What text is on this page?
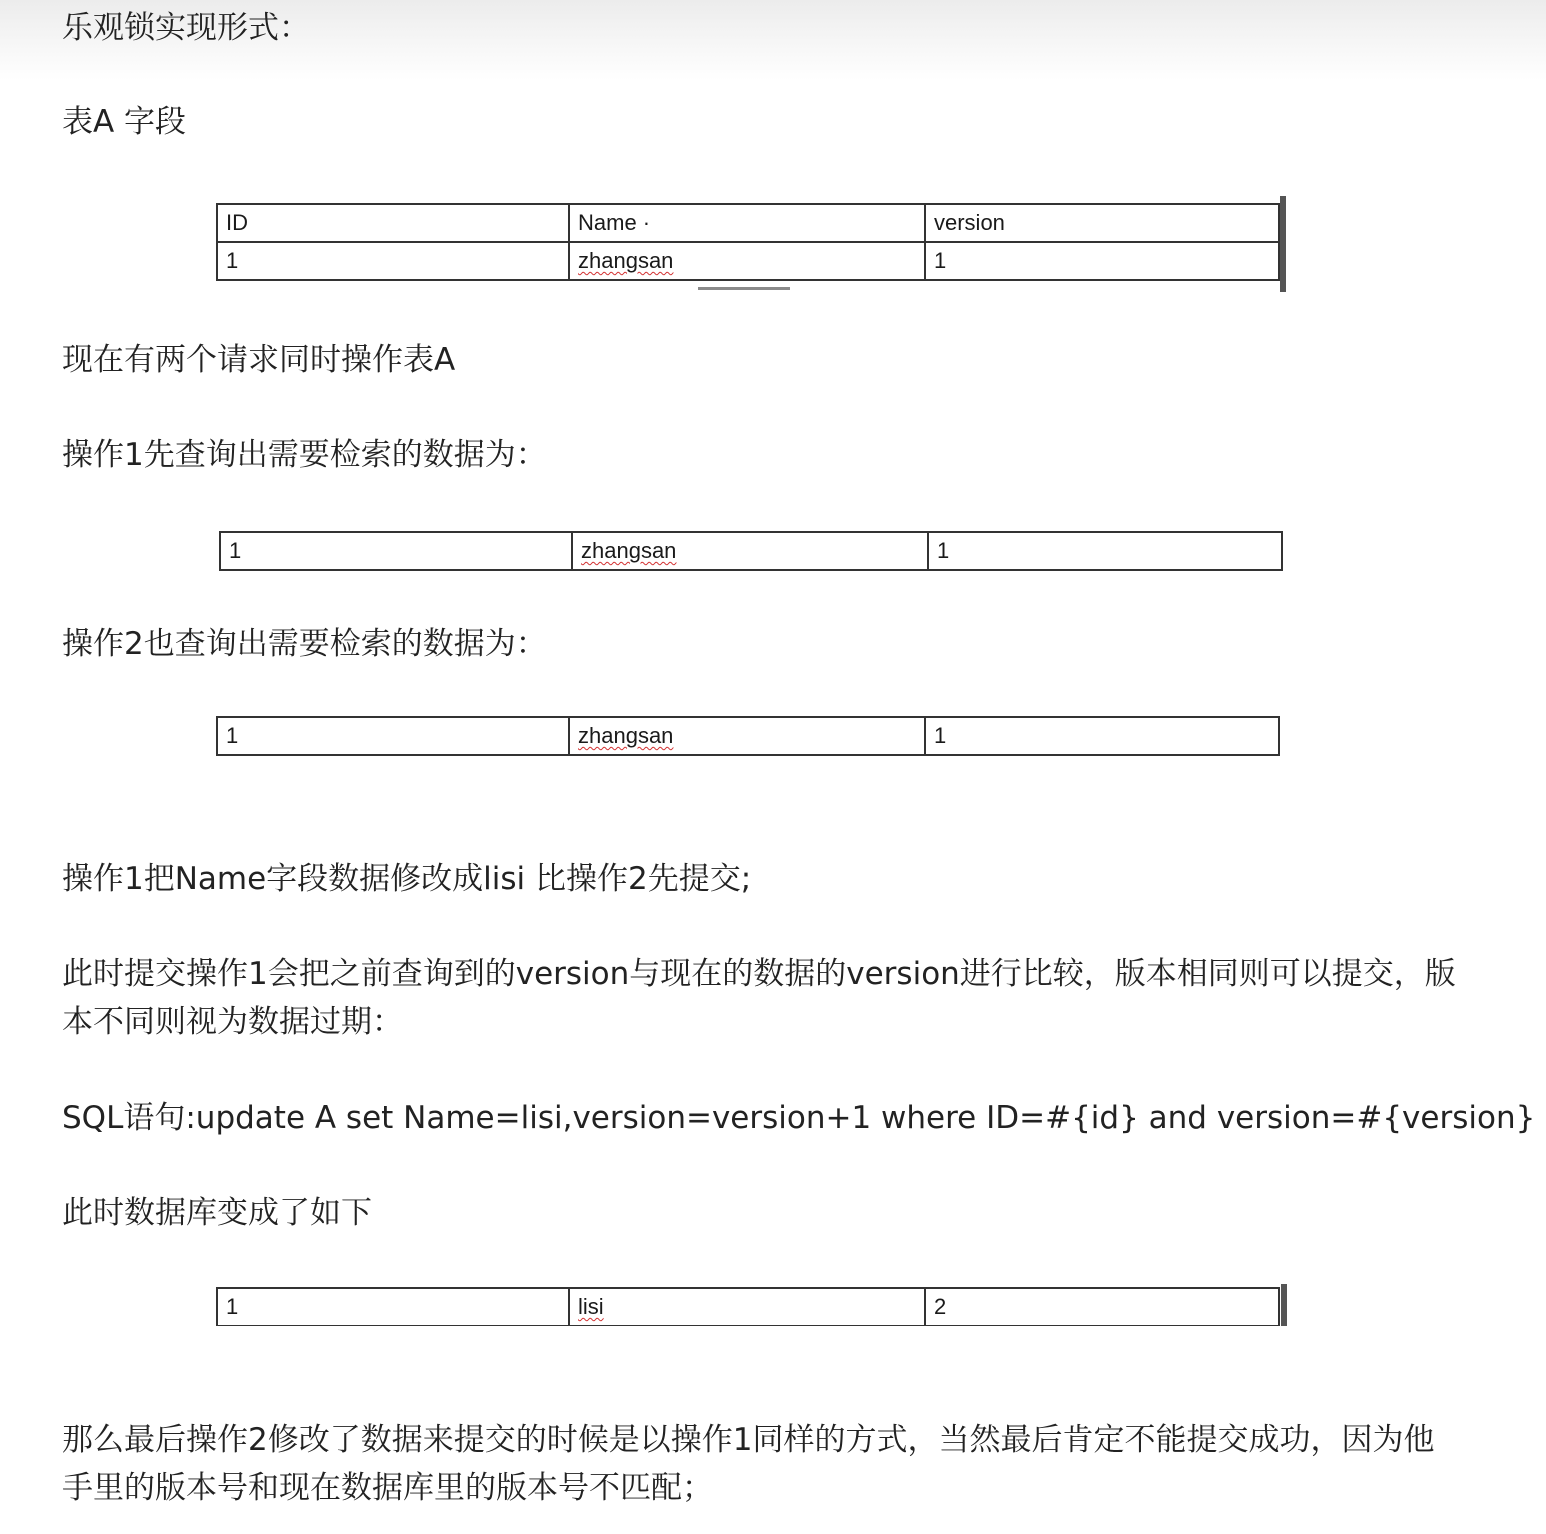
乐观锁实现形式：

表A 字段

ID	Name ·	version
1	zhangsan	1

现在有两个请求同时操作表A

操作1先查询出需要检索的数据为：

1	zhangsan	1

操作2也查询出需要检索的数据为：

1	zhangsan	1

操作1把Name字段数据修改成lisi 比操作2先提交;

此时提交操作1会把之前查询到的version与现在的数据的version进行比较，版本相同则可以提交，版本不同则视为数据过期：

SQL语句:update A set Name=lisi,version=version+1 where ID=#{id} and version=#{version}

此时数据库变成了如下

1	lisi	2

那么最后操作2修改了数据来提交的时候是以操作1同样的方式，当然最后肯定不能提交成功，因为他手里的版本号和现在数据库里的版本号不匹配；
